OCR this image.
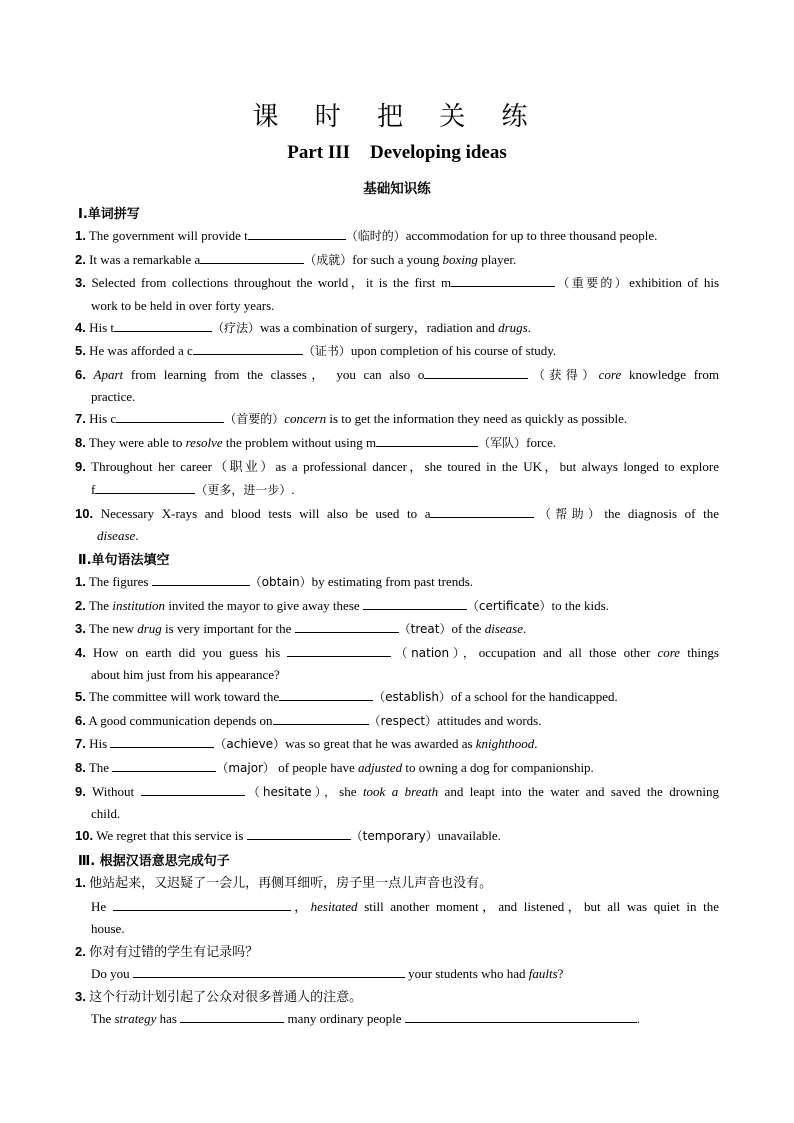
课 时 把 关 练
Part III Developing ideas
基础知识练
Ⅰ.单词拼写
1. The government will provide t	（临时的）accommodation for up to three thousand people.
2. It was a remarkable a	（成就）for such a young boxing player.
3. Selected from collections throughout the world，it is the first m	（重要的）exhibition of his
work to be held in over forty years.
4. His t	（疗法）was a combination of surgery，radiation and drugs.
5. He was afforded a c	（证书）upon completion of his course of study.
6. Apart from learning from the classes， you can also o	（获得）core knowledge from
practice.
7. His c	（首要的）concern is to get the information they need as quickly as possible.
8. They were able to resolve the problem without using m	（军队）force.
9. Throughout her career（职业）as a professional dancer，she toured in the UK，but always longed to explore
f	（更多，进一步）.
10. Necessary X-rays and blood tests will also be used to a	（帮助）the diagnosis of the
disease.
Ⅱ.单句语法填空
1. The figures	（obtain）by estimating from past trends.
2. The institution invited the mayor to give away these	（certificate）to the kids.
3. The new drug is very important for the	（treat）of the disease.
4. How on earth did you guess his	（nation），occupation and all those other core things
about him just from his appearance?
5. The committee will work toward the	（establish）of a school for the handicapped.
6. A good communication depends on	（respect）attitudes and words.
7. His	（achieve）was so great that he was awarded as knighthood.
8. The	（major） of people have adjusted to owning a dog for companionship.
9. Without	（hesitate），she took a breath and leapt into the water and saved the drowning
child.
10. We regret that this service is	（temporary）unavailable.
Ⅲ. 根据汉语意思完成句子
1. 他站起来，又迟疑了一会儿，再侧耳细听，房子里一点儿声音也没有。
He	，hesitated still another moment，and listened，but all was quiet in the
house.
2. 你对有过错的学生有记录吗？
Do you	your students who had faults?
3. 这个行动计划引起了公众对很多普通人的注意。
The strategy has	many ordinary people	.
